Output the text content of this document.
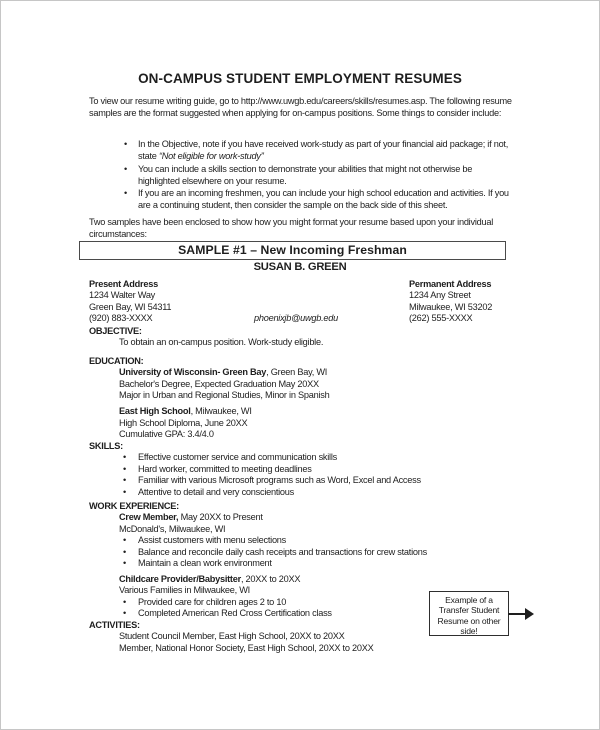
ON-CAMPUS STUDENT EMPLOYMENT RESUMES
To view our resume writing guide, go to http://www.uwgb.edu/careers/skills/resumes.asp. The following resume samples are the format suggested when applying for on-campus positions. Some things to consider include:
• In the Objective, note if you have received work-study as part of your financial aid package; if not, state “Not eligible for work-study”
• You can include a skills section to demonstrate your abilities that might not otherwise be highlighted elsewhere on your resume.
• If you are an incoming freshmen, you can include your high school education and activities. If you are a continuing student, then consider the sample on the back side of this sheet.
Two samples have been enclosed to show how you might format your resume based upon your individual circumstances:
SAMPLE #1 – New Incoming Freshman
SUSAN B. GREEN
Present Address
1234 Walter Way
Green Bay, WI 54311
(920) 883-XXXX	phoenixjb@uwgb.edu
Permanent Address
1234 Any Street
Milwaukee, WI 53202
(262) 555-XXXX
OBJECTIVE:
To obtain an on-campus position. Work-study eligible.
EDUCATION:
University of Wisconsin- Green Bay, Green Bay, WI
Bachelor's Degree, Expected Graduation May 20XX
Major in Urban and Regional Studies, Minor in Spanish
East High School, Milwaukee, WI
High School Diploma, June 20XX
Cumulative GPA: 3.4/4.0
SKILLS:
• Effective customer service and communication skills
• Hard worker, committed to meeting deadlines
• Familiar with various Microsoft programs such as Word, Excel and Access
• Attentive to detail and very conscientious
WORK EXPERIENCE:
Crew Member, May 20XX to Present
McDonald's, Milwaukee, WI
• Assist customers with menu selections
• Balance and reconcile daily cash receipts and transactions for crew stations
• Maintain a clean work environment
Childcare Provider/Babysitter, 20XX to 20XX
Various Families in Milwaukee, WI
• Provided care for children ages 2 to 10
• Completed American Red Cross Certification class
ACTIVITIES:
Student Council Member, East High School, 20XX to 20XX
Member, National Honor Society, East High School, 20XX to 20XX
Example of a
Transfer Student
Resume on other
side!
